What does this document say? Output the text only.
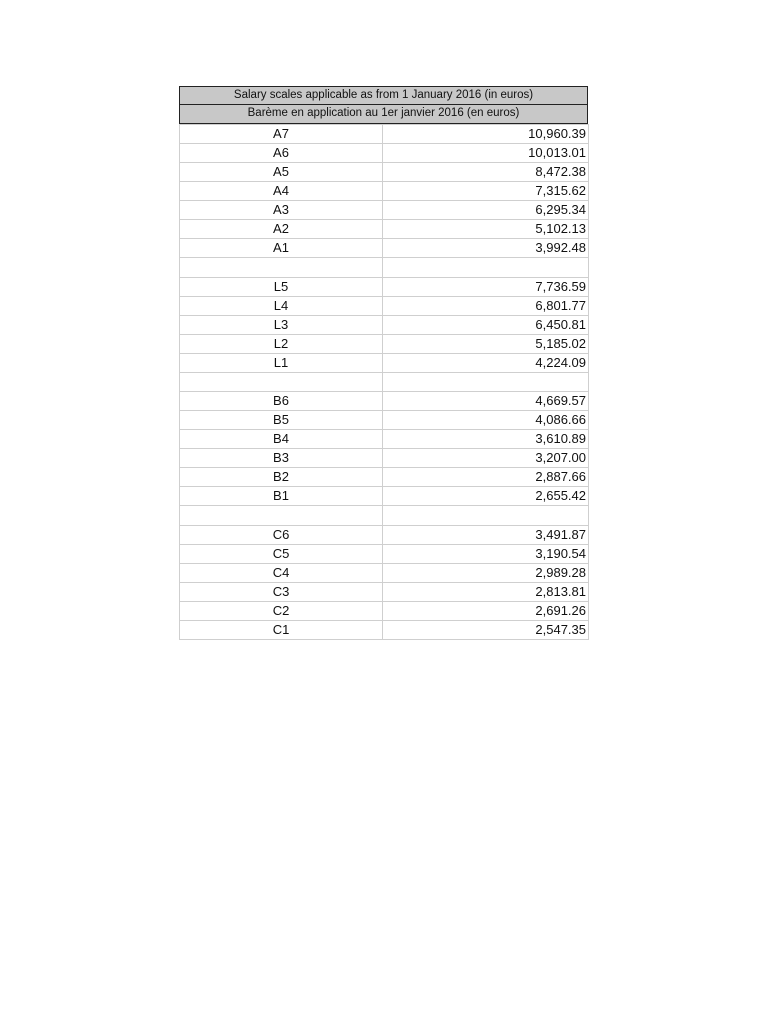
Salary scales applicable as from 1 January 2016 (in euros)
Barème en application au 1er janvier 2016 (en euros)
A7	10,960.39
A6	10,013.01
A5	8,472.38
A4	7,315.62
A3	6,295.34
A2	5,102.13
A1	3,992.48

L5	7,736.59
L4	6,801.77
L3	6,450.81
L2	5,185.02
L1	4,224.09

B6	4,669.57
B5	4,086.66
B4	3,610.89
B3	3,207.00
B2	2,887.66
B1	2,655.42

C6	3,491.87
C5	3,190.54
C4	2,989.28
C3	2,813.81
C2	2,691.26
C1	2,547.35
